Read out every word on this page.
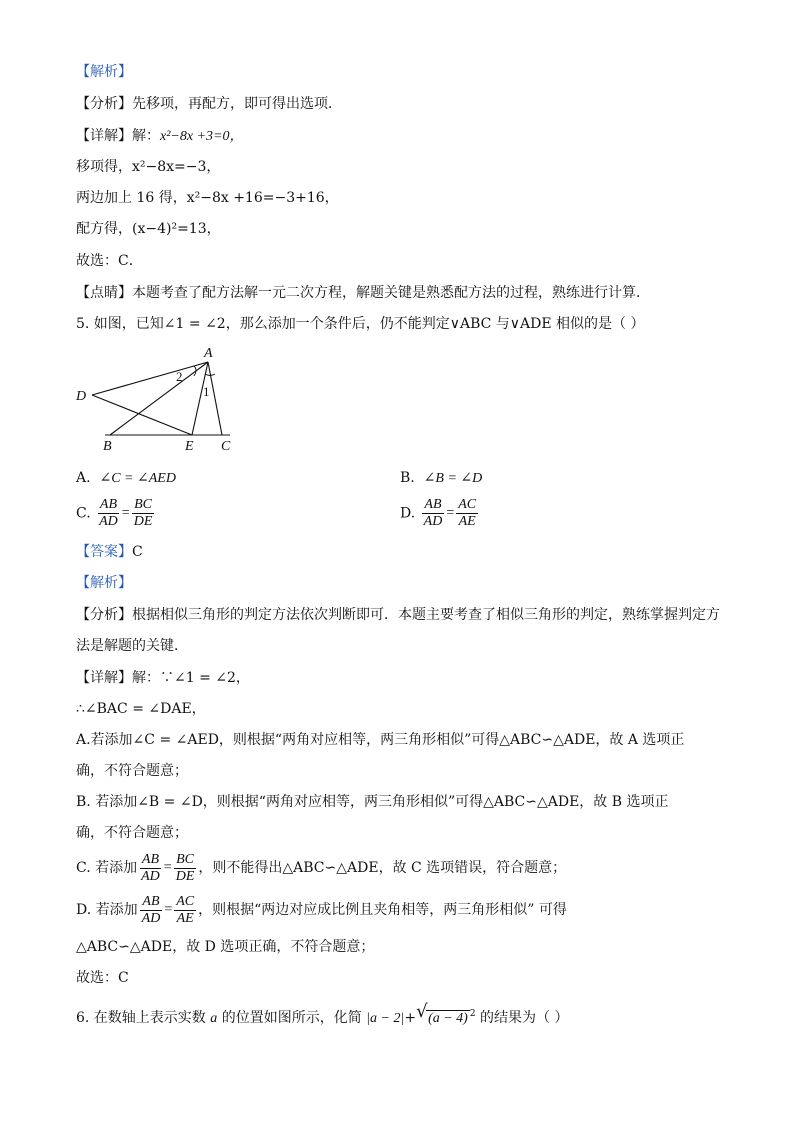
【解析】
【分析】先移项，再配方，即可得出选项．
【详解】解：x²−8x +3=0，
移项得，x²−8x=−3，
两边加上 16 得，x²−8x +16=−3+16，
配方得，(x−4)²=13，
故选：C．
【点睛】本题考查了配方法解一元二次方程，解题关键是熟悉配方法的过程，熟练进行计算．
5. 如图，已知∠1 = ∠2，那么添加一个条件后，仍不能判定∨ABC 与∨ADE 相似的是（ ）
A
D
B	E C
2
1
A. ∠C = ∠AED	B. ∠B = ∠D
C. $\frac{AB}{AD} = \frac{BC}{DE}$	D. $\frac{AB}{AD} = \frac{AC}{AE}$
【答案】C
【解析】
【分析】根据相似三角形的判定方法依次判断即可．本题主要考查了相似三角形的判定，熟练掌握判定方
法是解题的关键．
【详解】解：∵∠1 = ∠2，
∴∠BAC = ∠DAE，
A.若添加∠C = ∠AED，则根据“两角对应相等，两三角形相似”可得△ABC∽△ADE，故 A 选项正
确，不符合题意；
B. 若添加∠B = ∠D，则根据“两角对应相等，两三角形相似”可得△ABC∽△ADE，故 B 选项正
确，不符合题意；
C. 若添加 $\frac{AB}{AD} = \frac{BC}{DE}$ ，则不能得出△ABC∽△ADE，故 C 选项错误，符合题意；
D. 若添加 $\frac{AB}{AD} = \frac{AC}{AE}$ ，则根据“两边对应成比例且夹角相等，两三角形相似” 可得
△ABC∽△ADE，故 D 选项正确，不符合题意；
故选：C
6. 在数轴上表示实数 a 的位置如图所示，化简 |a − 2|+ √ (a − 4) $^2$ 的结果为（ ）
